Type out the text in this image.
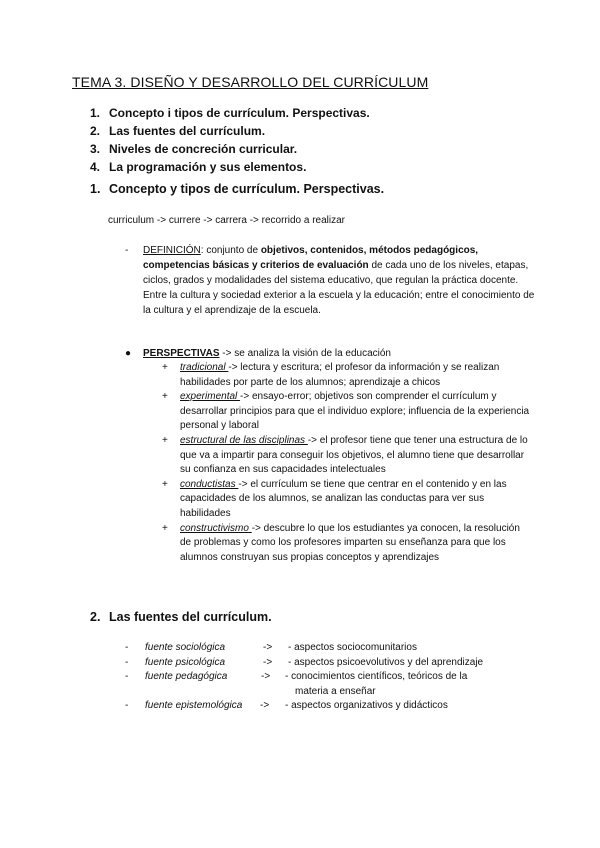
TEMA 3. DISEÑO Y DESARROLLO DEL CURRÍCULUM
1. Concepto i tipos de currículum. Perspectivas.
2. Las fuentes del currículum.
3. Niveles de concreción curricular.
4. La programación y sus elementos.
1. Concepto y tipos de currículum. Perspectivas.
curriculum -> currere -> carrera -> recorrido a realizar
- DEFINICIÓN: conjunto de objetivos, contenidos, métodos pedagógicos, competencias básicas y criterios de evaluación de cada uno de los niveles, etapas, ciclos, grados y modalidades del sistema educativo, que regulan la práctica docente. Entre la cultura y sociedad exterior a la escuela y la educación; entre el conocimiento de la cultura y el aprendizaje de la escuela.
● PERSPECTIVAS -> se analiza la visión de la educación
+ tradicional -> lectura y escritura; el profesor da información y se realizan habilidades por parte de los alumnos; aprendizaje a chicos
+ experimental -> ensayo-error; objetivos son comprender el currículum y desarrollar principios para que el individuo explore; influencia de la experiencia personal y laboral
+ estructural de las disciplinas -> el profesor tiene que tener una estructura de lo que va a impartir para conseguir los objetivos, el alumno tiene que desarrollar su confianza en sus capacidades intelectuales
+ conductistas -> el currículum se tiene que centrar en el contenido y en las capacidades de los alumnos, se analizan las conductas para ver sus habilidades
+ constructivismo -> descubre lo que los estudiantes ya conocen, la resolución de problemas y como los profesores imparten su enseñanza para que los alumnos construyan sus propias conceptos y aprendizajes
2. Las fuentes del currículum.
- fuente sociológica	-> - aspectos sociocomunitarios
- fuente psicológica	-> - aspectos psicoevolutivos y del aprendizaje
- fuente pedagógica	-> - conocimientos científicos, teóricos de la
materia a enseñar
- fuente epistemológica -> - aspectos organizativos y didácticos
